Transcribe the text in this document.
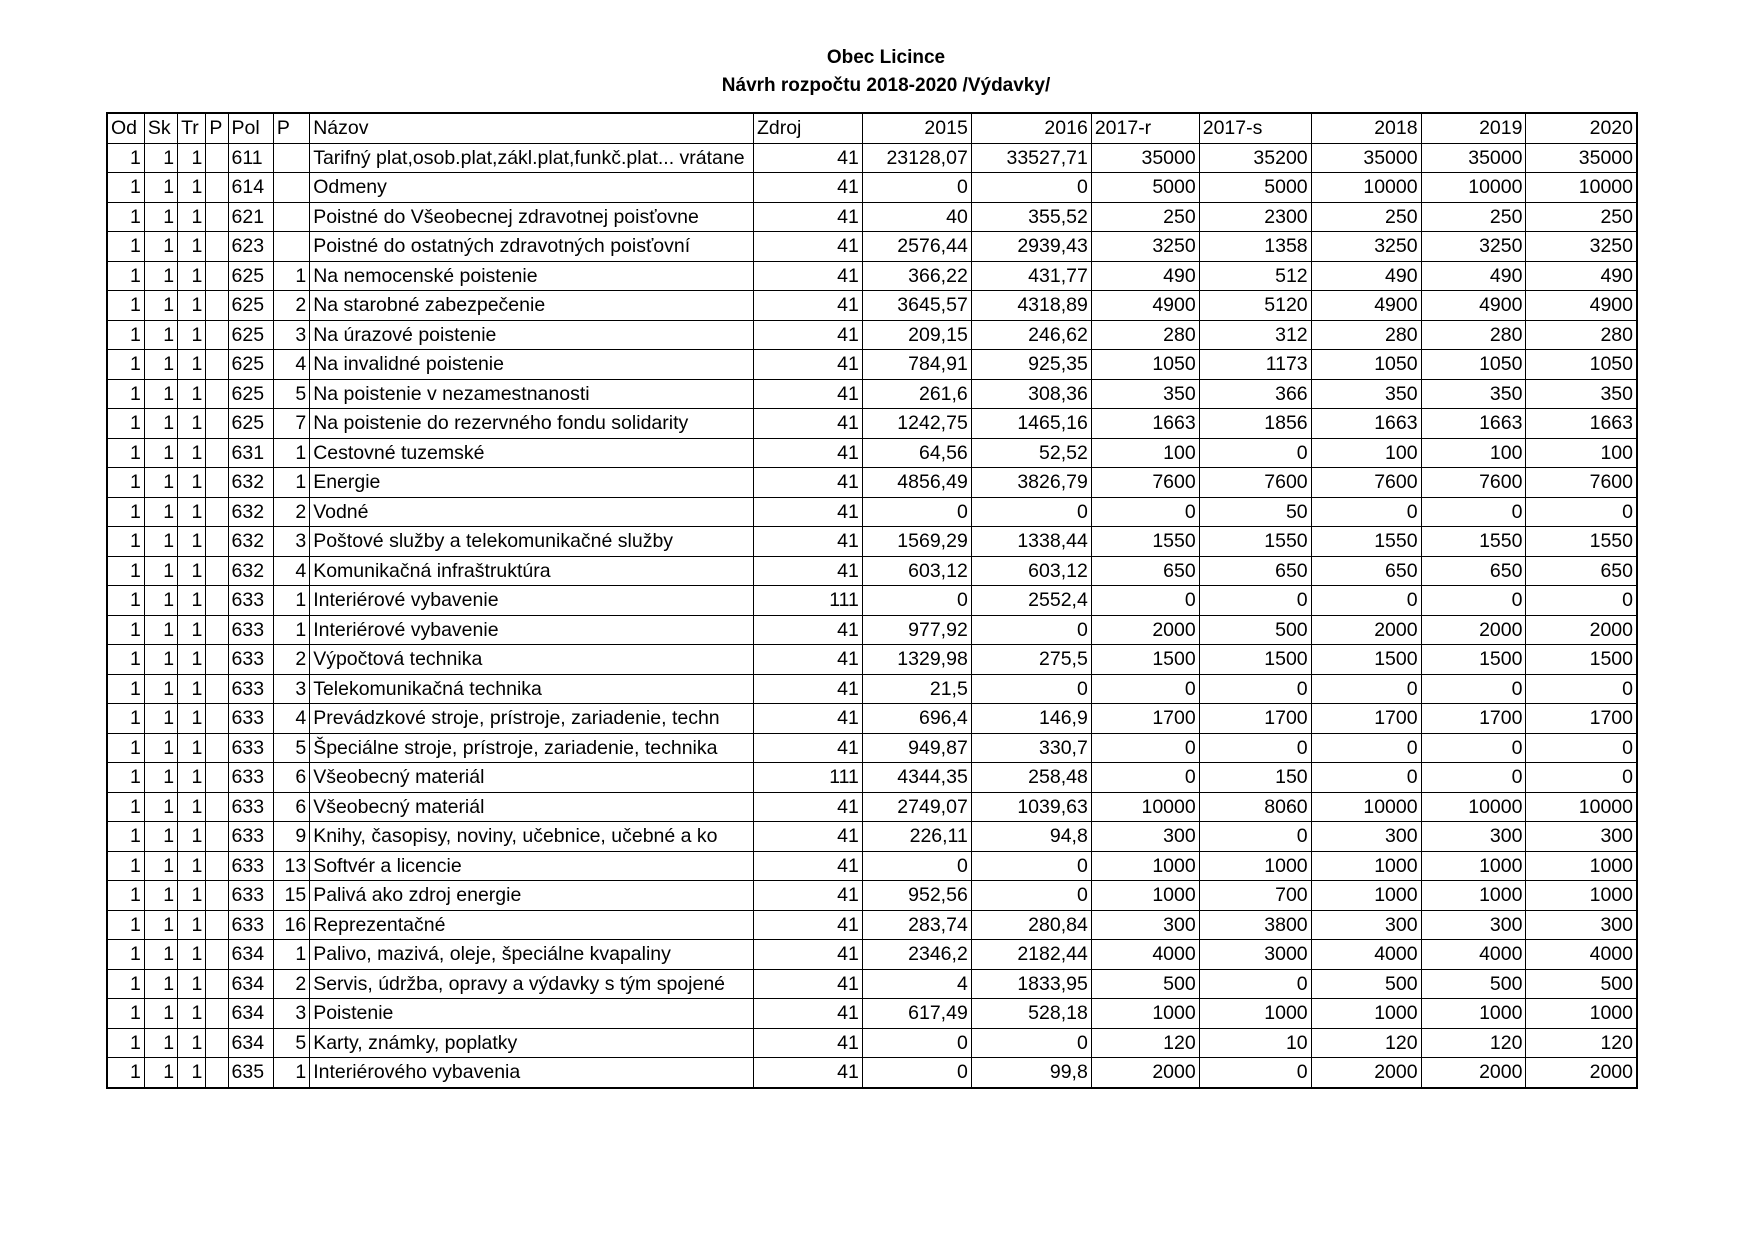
Obec Licince
Návrh rozpočtu 2018-2020 /Výdavky/
Od	Sk	Tr	P	Pol	P	Názov	Zdroj	2015	2016	2017-r	2017-s	2018	2019	2020
1	1	1		611		Tarifný plat,osob.plat,zákl.plat,funkč.plat... vrátane	41	23128,07	33527,71	35000	35200	35000	35000	35000
1	1	1		614		Odmeny	41	0	0	5000	5000	10000	10000	10000
1	1	1		621		Poistné do Všeobecnej zdravotnej poisťovne	41	40	355,52	250	2300	250	250	250
1	1	1		623		Poistné do ostatných zdravotných poisťovní	41	2576,44	2939,43	3250	1358	3250	3250	3250
1	1	1		625	1	Na nemocenské poistenie	41	366,22	431,77	490	512	490	490	490
1	1	1		625	2	Na starobné zabezpečenie	41	3645,57	4318,89	4900	5120	4900	4900	4900
1	1	1		625	3	Na úrazové poistenie	41	209,15	246,62	280	312	280	280	280
1	1	1		625	4	Na invalidné poistenie	41	784,91	925,35	1050	1173	1050	1050	1050
1	1	1		625	5	Na poistenie v nezamestnanosti	41	261,6	308,36	350	366	350	350	350
1	1	1		625	7	Na poistenie do rezervného fondu solidarity	41	1242,75	1465,16	1663	1856	1663	1663	1663
1	1	1		631	1	Cestovné tuzemské	41	64,56	52,52	100	0	100	100	100
1	1	1		632	1	Energie	41	4856,49	3826,79	7600	7600	7600	7600	7600
1	1	1		632	2	Vodné	41	0	0	0	50	0	0	0
1	1	1		632	3	Poštové služby a telekomunikačné služby	41	1569,29	1338,44	1550	1550	1550	1550	1550
1	1	1		632	4	Komunikačná infraštruktúra	41	603,12	603,12	650	650	650	650	650
1	1	1		633	1	Interiérové vybavenie	111	0	2552,4	0	0	0	0	0
1	1	1		633	1	Interiérové vybavenie	41	977,92	0	2000	500	2000	2000	2000
1	1	1		633	2	Výpočtová technika	41	1329,98	275,5	1500	1500	1500	1500	1500
1	1	1		633	3	Telekomunikačná technika	41	21,5	0	0	0	0	0	0
1	1	1		633	4	Prevádzkové stroje, prístroje, zariadenie, techn	41	696,4	146,9	1700	1700	1700	1700	1700
1	1	1		633	5	Špeciálne stroje, prístroje, zariadenie, technika	41	949,87	330,7	0	0	0	0	0
1	1	1		633	6	Všeobecný materiál	111	4344,35	258,48	0	150	0	0	0
1	1	1		633	6	Všeobecný materiál	41	2749,07	1039,63	10000	8060	10000	10000	10000
1	1	1		633	9	Knihy, časopisy, noviny, učebnice, učebné a ko	41	226,11	94,8	300	0	300	300	300
1	1	1		633	13	Softvér a licencie	41	0	0	1000	1000	1000	1000	1000
1	1	1		633	15	Palivá ako zdroj energie	41	952,56	0	1000	700	1000	1000	1000
1	1	1		633	16	Reprezentačné	41	283,74	280,84	300	3800	300	300	300
1	1	1		634	1	Palivo, mazivá, oleje, špeciálne kvapaliny	41	2346,2	2182,44	4000	3000	4000	4000	4000
1	1	1		634	2	Servis, údržba, opravy a výdavky s tým spojené	41	4	1833,95	500	0	500	500	500
1	1	1		634	3	Poistenie	41	617,49	528,18	1000	1000	1000	1000	1000
1	1	1		634	5	Karty, známky, poplatky	41	0	0	120	10	120	120	120
1	1	1		635	1	Interiérového vybavenia	41	0	99,8	2000	0	2000	2000	2000
